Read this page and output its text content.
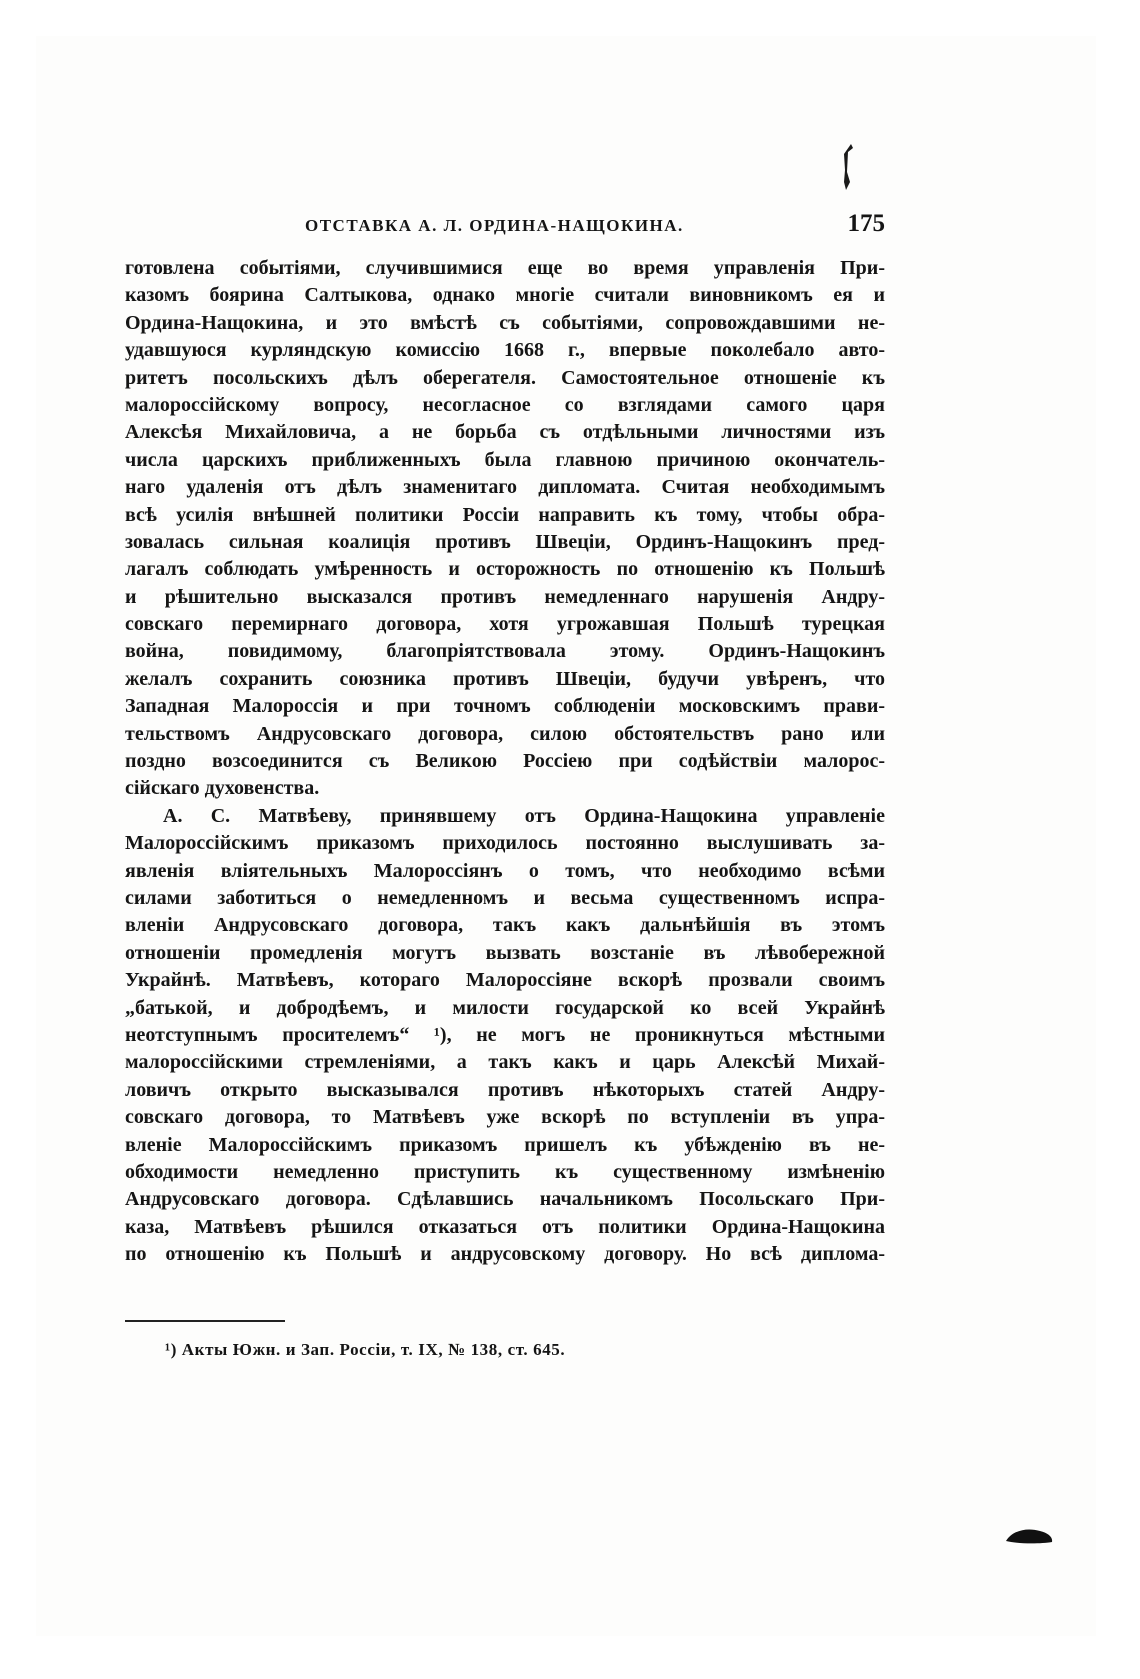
ОТСТАВКА А. Л. ОРДИНА-НАЩОКИНА.	175
готовлена событіями, случившимися еще во время управленія При-
казомъ боярина Салтыкова, однако многіе считали виновникомъ ея и
Ордина-Нащокина, и это вмѣстѣ съ событіями, сопровождавшими не-
удавшуюся курляндскую комиссію 1668 г., впервые поколебало авто-
ритетъ посольскихъ дѣлъ оберегателя. Самостоятельное отношеніе къ
малороссійскому вопросу, несогласное со взглядами самого царя
Алексѣя Михайловича, а не борьба съ отдѣльными личностями изъ
числа царскихъ приближенныхъ была главною причиною окончатель-
наго удаленія отъ дѣлъ знаменитаго дипломата. Считая необходимымъ
всѣ усилія внѣшней политики Россіи направить къ тому, чтобы обра-
зовалась сильная коалиція противъ Швеціи, Ординъ-Нащокинъ пред-
лагалъ соблюдать умѣренность и осторожность по отношенію къ Польшѣ
и рѣшительно высказался противъ немедленнаго нарушенія Андру-
совскаго перемирнаго договора, хотя угрожавшая Польшѣ турецкая
война, повидимому, благопріятствовала этому. Ординъ-Нащокинъ
желалъ сохранить союзника противъ Швеціи, будучи увѣренъ, что
Западная Малороссія и при точномъ соблюденіи московскимъ прави-
тельствомъ Андрусовскаго договора, силою обстоятельствъ рано или
поздно возсоединится съ Великою Россіею при содѣйствіи малорос-
сійскаго духовенства.
А. С. Матвѣеву, принявшему отъ Ордина-Нащокина управленіе
Малороссійскимъ приказомъ приходилось постоянно выслушивать за-
явленія вліятельныхъ Малороссіянъ о томъ, что необходимо всѣми
силами заботиться о немедленномъ и весьма существенномъ испра-
вленіи Андрусовскаго договора, такъ какъ дальнѣйшія въ этомъ
отношеніи промедленія могутъ вызвать возстаніе въ лѣвобережной
Украйнѣ. Матвѣевъ, котораго Малороссіяне вскорѣ прозвали своимъ
„батькой, и добродѣемъ, и милости государской ко всей Украйнѣ
неотступнымъ просителемъ“ ¹), не могъ не проникнуться мѣстными
малороссійскими стремленіями, а такъ какъ и царь Алексѣй Михай-
ловичъ открыто высказывался противъ нѣкоторыхъ статей Андру-
совскаго договора, то Матвѣевъ уже вскорѣ по вступленіи въ упра-
вленіе Малороссійскимъ приказомъ пришелъ къ убѣжденію въ не-
обходимости немедленно приступить къ существенному измѣненію
Андрусовскаго договора. Сдѣлавшись начальникомъ Посольскаго При-
каза, Матвѣевъ рѣшился отказаться отъ политики Ордина-Нащокина
по отношенію къ Польшѣ и андрусовскому договору. Но всѣ диплома-
¹) Акты Южн. и Зап. Россіи, т. IX, № 138, ст. 645.
